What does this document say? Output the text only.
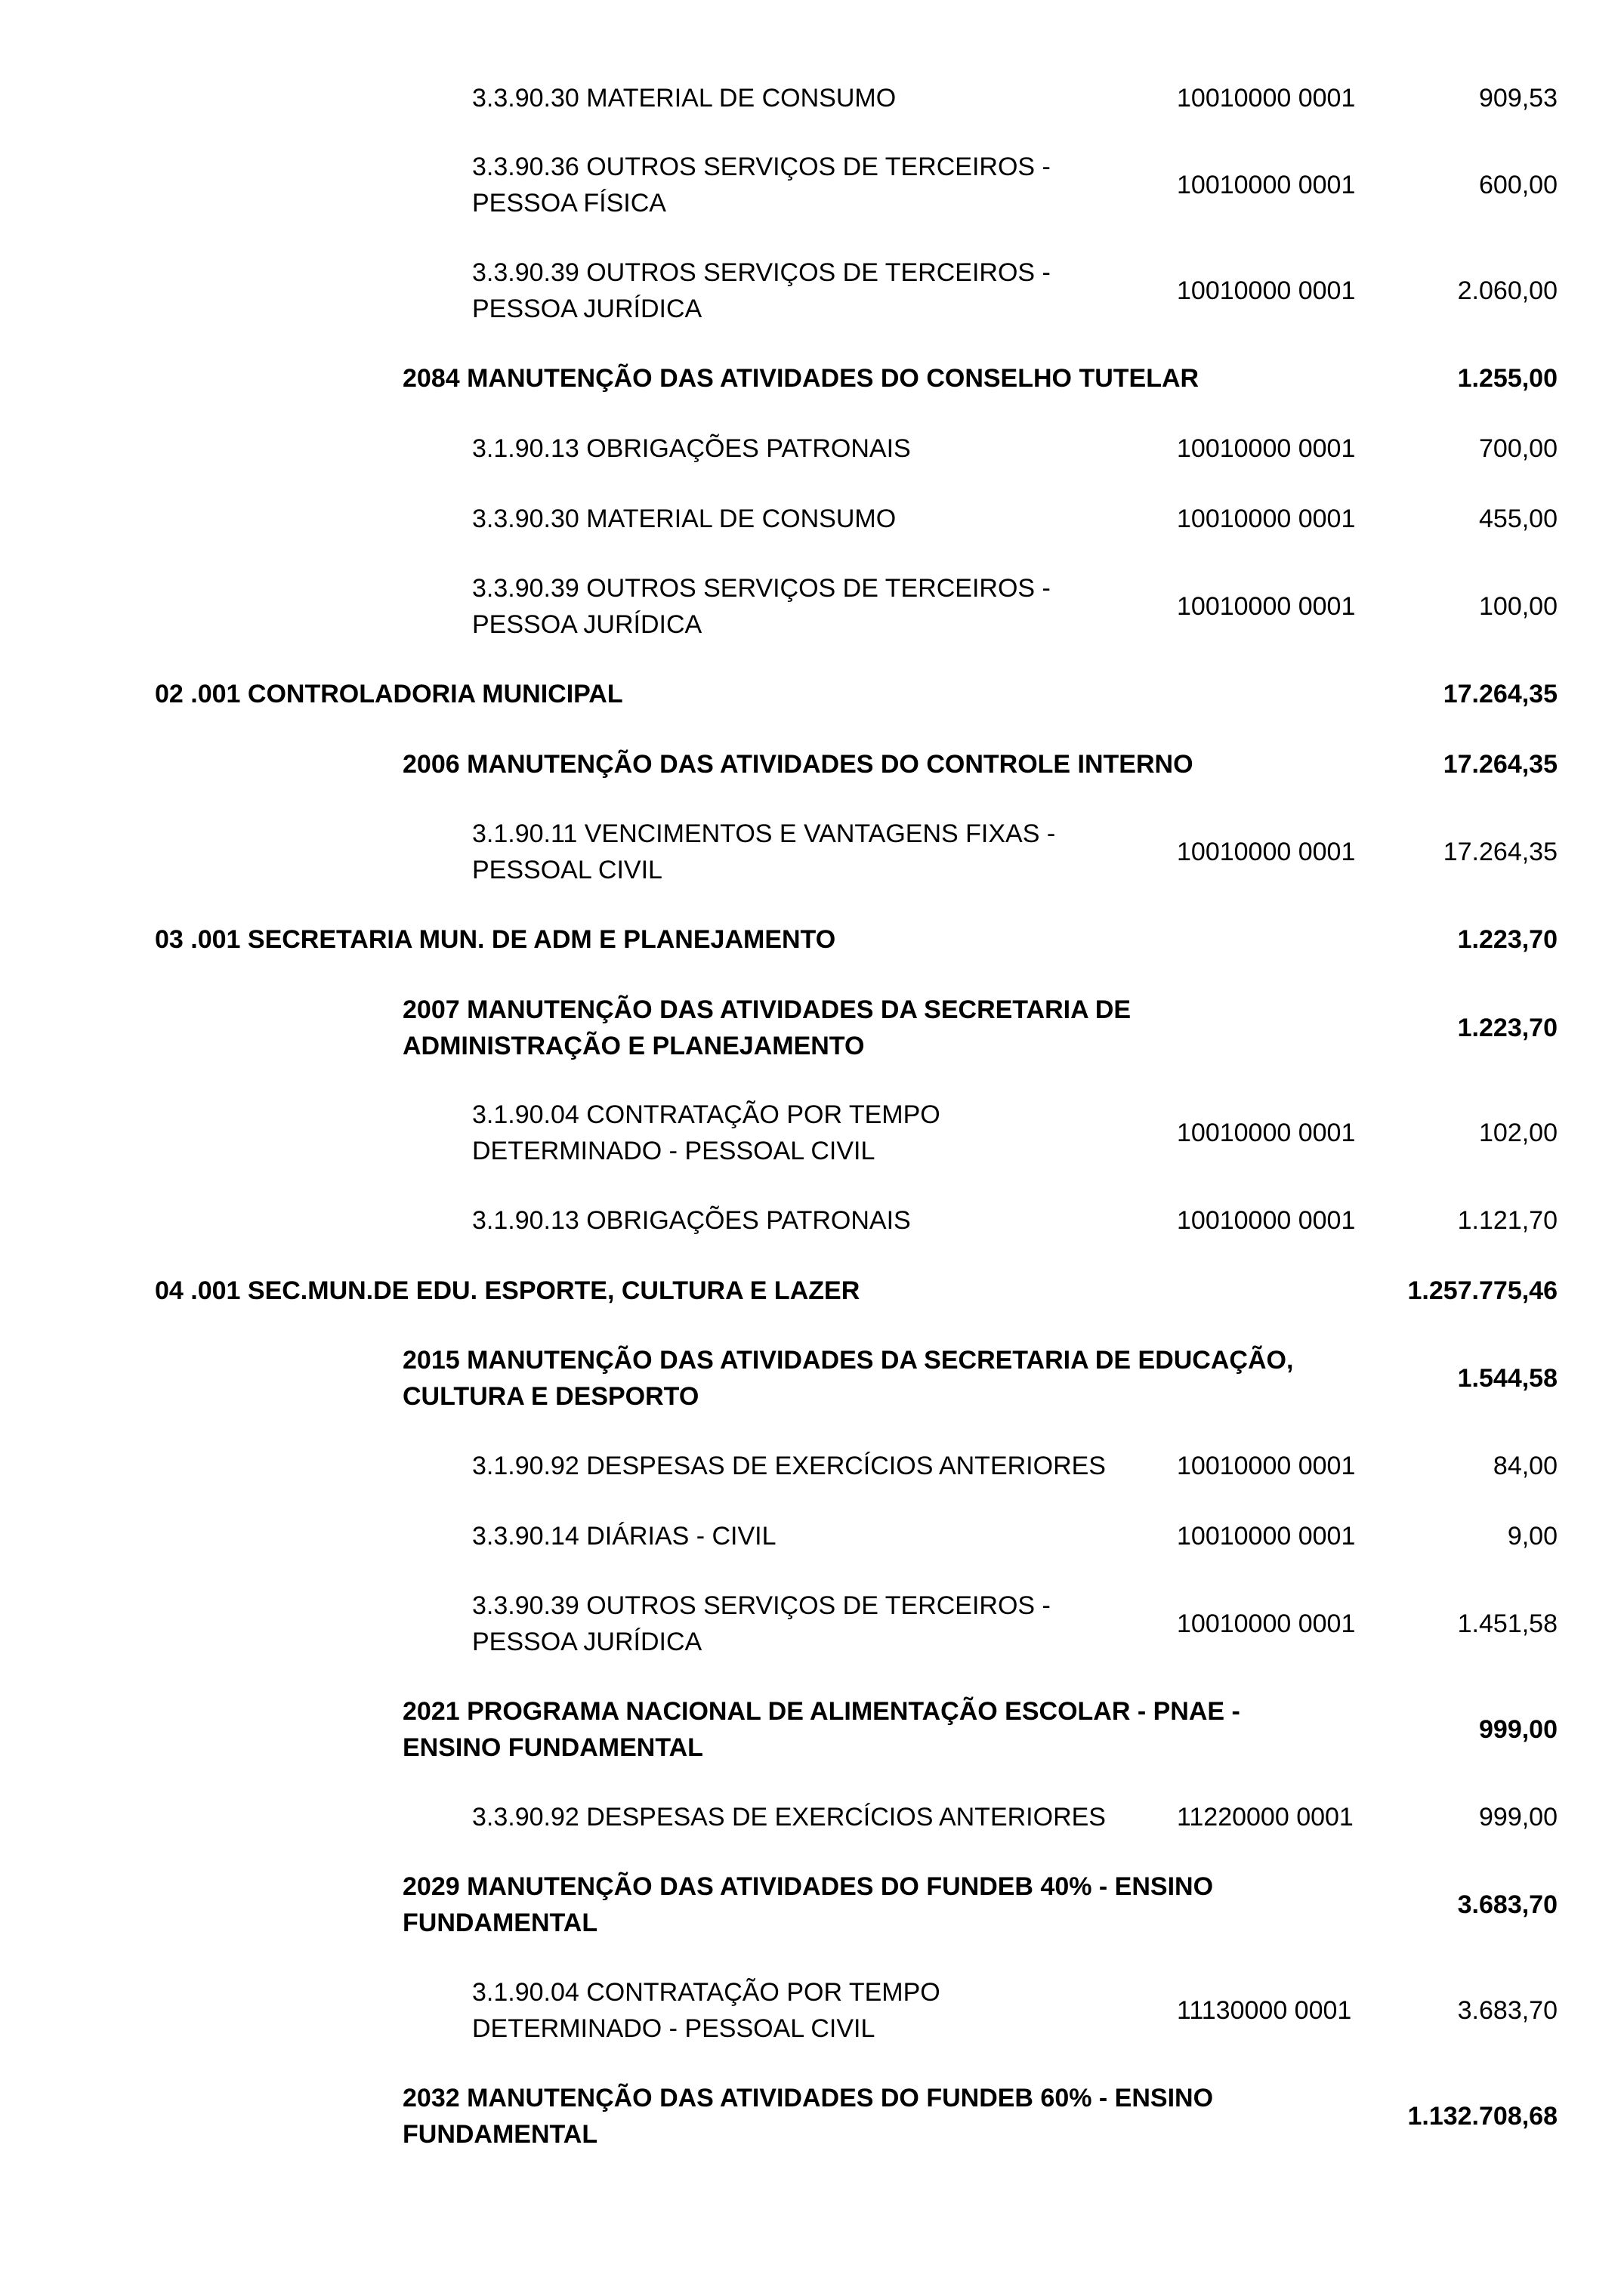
3.3.90.30 MATERIAL DE CONSUMO	10010000 0001	909,53
3.3.90.36 OUTROS SERVIÇOS DE TERCEIROS -
PESSOA FÍSICA
10010000 0001	600,00
3.3.90.39 OUTROS SERVIÇOS DE TERCEIROS -
PESSOA JURÍDICA
10010000 0001	2.060,00
2084 MANUTENÇÃO DAS ATIVIDADES DO CONSELHO TUTELAR	1.255,00
3.1.90.13 OBRIGAÇÕES PATRONAIS	10010000 0001	700,00
3.3.90.30 MATERIAL DE CONSUMO	10010000 0001	455,00
3.3.90.39 OUTROS SERVIÇOS DE TERCEIROS -
PESSOA JURÍDICA
10010000 0001	100,00
02 .001 CONTROLADORIA MUNICIPAL	17.264,35
2006 MANUTENÇÃO DAS ATIVIDADES DO CONTROLE INTERNO	17.264,35
3.1.90.11 VENCIMENTOS E VANTAGENS FIXAS -
PESSOAL CIVIL
10010000 0001	17.264,35
03 .001 SECRETARIA MUN. DE ADM E PLANEJAMENTO	1.223,70
2007 MANUTENÇÃO DAS ATIVIDADES DA SECRETARIA DE
ADMINISTRAÇÃO E PLANEJAMENTO
1.223,70
3.1.90.04 CONTRATAÇÃO POR TEMPO
DETERMINADO - PESSOAL CIVIL
10010000 0001	102,00
3.1.90.13 OBRIGAÇÕES PATRONAIS	10010000 0001	1.121,70
04 .001 SEC.MUN.DE EDU. ESPORTE, CULTURA E LAZER	1.257.775,46
2015 MANUTENÇÃO DAS ATIVIDADES DA SECRETARIA DE EDUCAÇÃO,
CULTURA E DESPORTO
1.544,58
3.1.90.92 DESPESAS DE EXERCÍCIOS ANTERIORES	10010000 0001	84,00
3.3.90.14 DIÁRIAS - CIVIL	10010000 0001	9,00
3.3.90.39 OUTROS SERVIÇOS DE TERCEIROS -
PESSOA JURÍDICA
10010000 0001	1.451,58
2021 PROGRAMA NACIONAL DE ALIMENTAÇÃO ESCOLAR - PNAE -
ENSINO FUNDAMENTAL
999,00
3.3.90.92 DESPESAS DE EXERCÍCIOS ANTERIORES	11220000 0001	999,00
2029 MANUTENÇÃO DAS ATIVIDADES DO FUNDEB 40% - ENSINO
FUNDAMENTAL
3.683,70
3.1.90.04 CONTRATAÇÃO POR TEMPO
DETERMINADO - PESSOAL CIVIL
11130000 0001	3.683,70
2032 MANUTENÇÃO DAS ATIVIDADES DO FUNDEB 60% - ENSINO
FUNDAMENTAL
1.132.708,68
